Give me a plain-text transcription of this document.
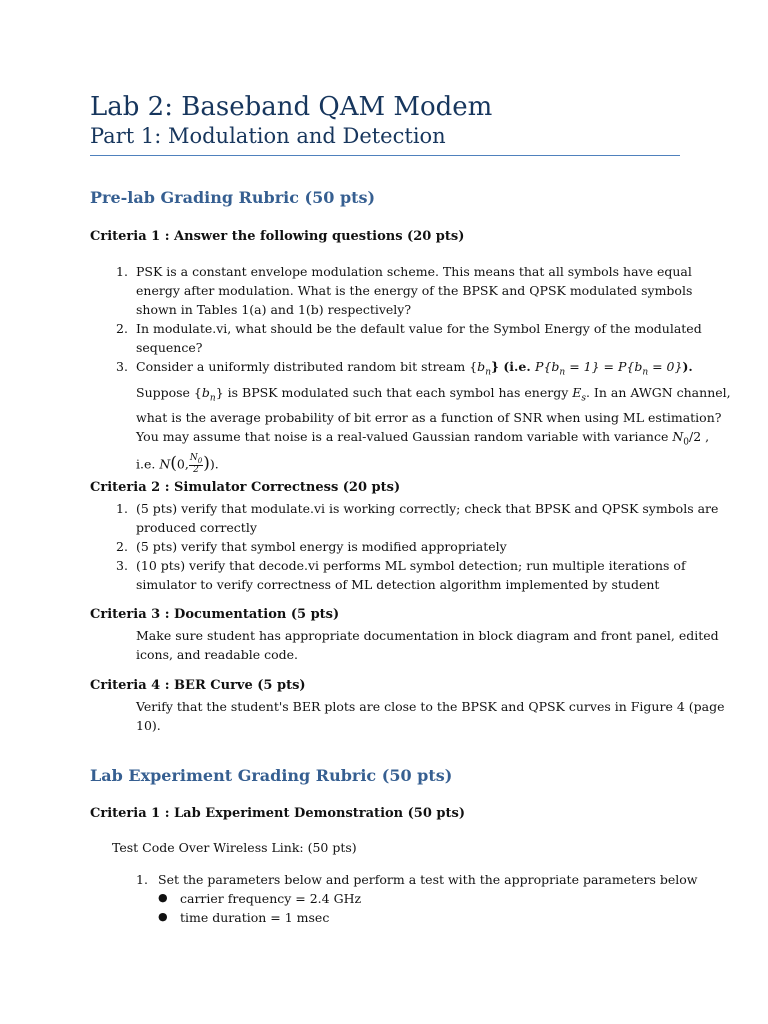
Lab 2: Baseband QAM Modem
Part 1: Modulation and Detection
Pre-lab Grading Rubric (50 pts)
Criteria 1 : Answer the following questions (20 pts)
1. PSK is a constant envelope modulation scheme. This means that all symbols have equal
energy after modulation. What is the energy of the BPSK and QPSK modulated symbols
shown in Tables 1(a) and 1(b) respectively?
2. In modulate.vi, what should be the default value for the Symbol Energy of the modulated
sequence?
3. Consider a uniformly distributed random bit stream $\{b_n\}$ (i.e. $P\{b_n = 1\} = P\{b_n = 0\}$).
Suppose $\{b_n\}$ is BPSK modulated such that each symbol has energy $E_s$. In an AWGN channel,
what is the average probability of bit error as a function of SNR when using ML estimation?
You may assume that noise is a real-valued Gaussian random variable with variance $N_0/2$ ,
i.e. N(0, $\frac{N_0}{2}$ )).
Criteria 2 : Simulator Correctness (20 pts)
1. (5 pts) verify that modulate.vi is working correctly; check that BPSK and QPSK symbols are
produced correctly
2. (5 pts) verify that symbol energy is modified appropriately
3. (10 pts) verify that decode.vi performs ML symbol detection; run multiple iterations of
simulator to verify correctness of ML detection algorithm implemented by student
Criteria 3 : Documentation (5 pts)
Make sure student has appropriate documentation in block diagram and front panel, edited
icons, and readable code.
Criteria 4 : BER Curve (5 pts)
Verify that the student's BER plots are close to the BPSK and QPSK curves in Figure 4 (page
10).
Lab Experiment Grading Rubric (50 pts)
Criteria 1 : Lab Experiment Demonstration (50 pts)
Test Code Over Wireless Link: (50 pts)
1. Set the parameters below and perform a test with the appropriate parameters below
● carrier frequency = 2.4 GHz
● time duration = 1 msec
